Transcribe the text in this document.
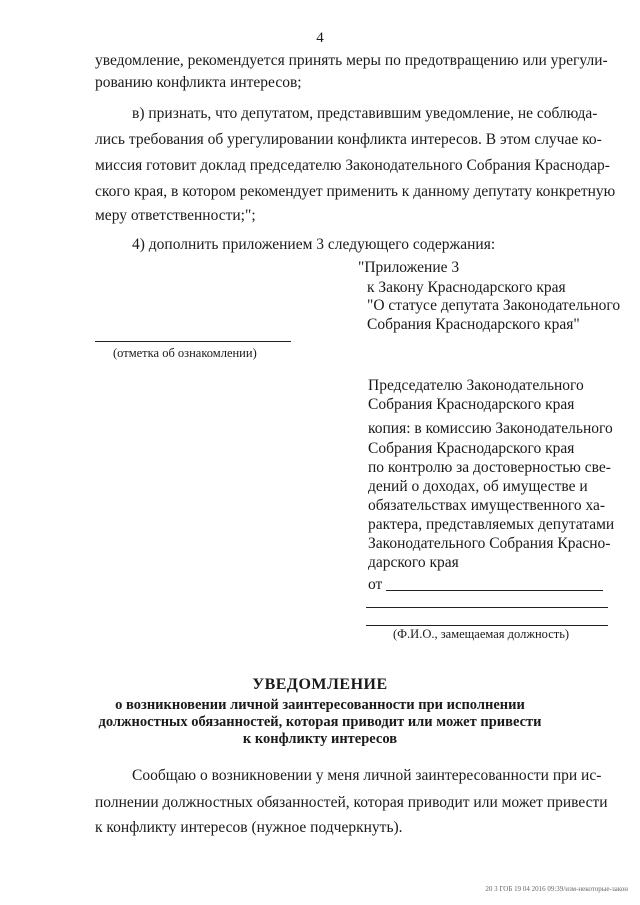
4
уведомление, рекомендуется принять меры по предотвращению или урегули-
рованию конфликта интересов;
в) признать, что депутатом, представившим уведомление, не соблюда-
лись требования об урегулировании конфликта интересов. В этом случае ко-
миссия готовит доклад председателю Законодательного Собрания Краснодар-
ского края, в котором рекомендует применить к данному депутату конкретную
меру ответственности;";
4) дополнить приложением 3 следующего содержания:
"Приложение 3
к Закону Краснодарского края
"О статусе депутата Законодательного
Собрания Краснодарского края"
(отметка об ознакомлении)
Председателю Законодательного
Собрания Краснодарского края
копия: в комиссию Законодательного
Собрания Краснодарского края
по контролю за достоверностью све-
дений о доходах, об имуществе и
обязательствах имущественного ха-
рактера, представляемых депутатами
Законодательного Собрания Красно-
дарского края
от
(Ф.И.О., замещаемая должность)
УВЕДОМЛЕНИЕ
о возникновении личной заинтересованности при исполнении
должностных обязанностей, которая приводит или может привести
к конфликту интересов
Сообщаю о возникновении у меня личной заинтересованности при ис-
полнении должностных обязанностей, которая приводит или может привести
к конфликту интересов (нужное подчеркнуть).
20 3 ГОБ 19 04 2016 09:39/изм-некоторые-закон
